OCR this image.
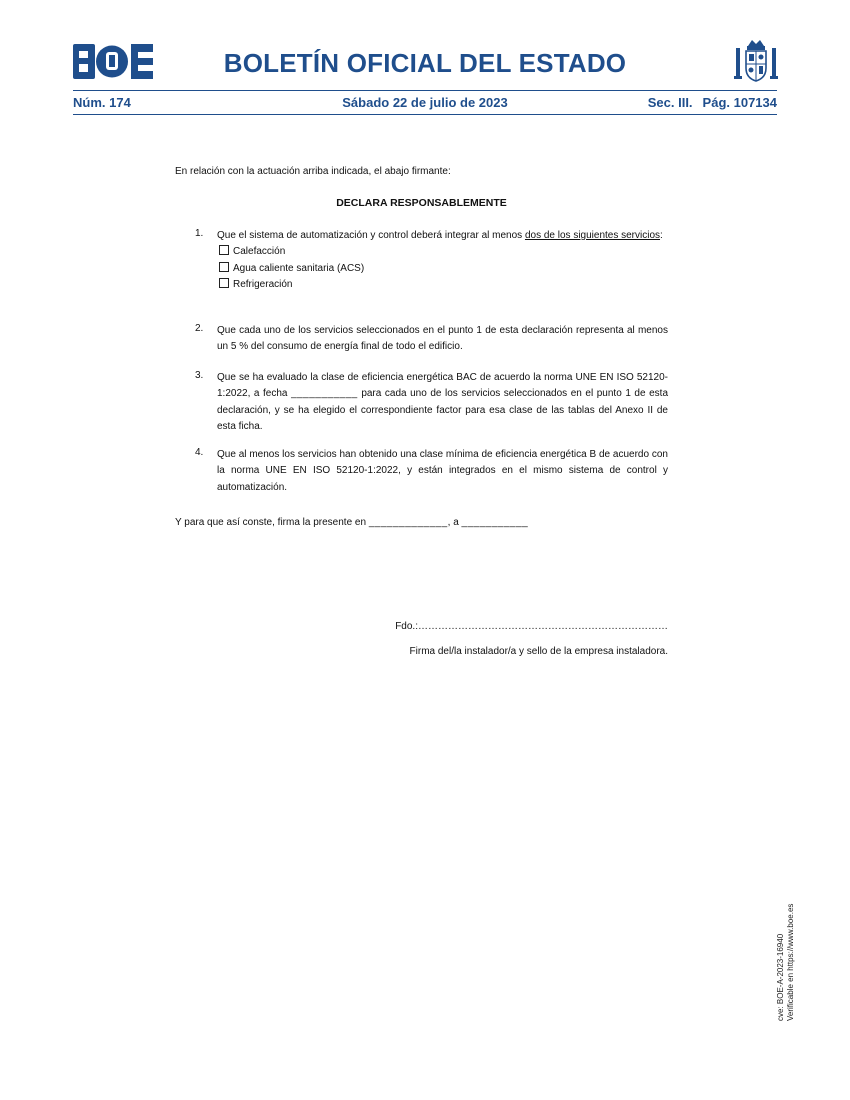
BOLETÍN OFICIAL DEL ESTADO
Núm. 174	Sábado 22 de julio de 2023	Sec. III. Pág. 107134
En relación con la actuación arriba indicada, el abajo firmante:
DECLARA RESPONSABLEMENTE
1.	Que el sistema de automatización y control deberá integrar al menos dos de los siguientes servicios:
Calefacción
Agua caliente sanitaria (ACS)
Refrigeración
2.	Que cada uno de los servicios seleccionados en el punto 1 de esta declaración representa al menos un 5 % del consumo de energía final de todo el edificio.
3.	Que se ha evaluado la clase de eficiencia energética BAC de acuerdo la norma UNE EN ISO 52120-1:2022, a fecha ___________ para cada uno de los servicios seleccionados en el punto 1 de esta declaración, y se ha elegido el correspondiente factor para esa clase de las tablas del Anexo II de esta ficha.
4.	Que al menos los servicios han obtenido una clase mínima de eficiencia energética B de acuerdo con la norma UNE EN ISO 52120-1:2022, y están integrados en el mismo sistema de control y automatización.
Y para que así conste, firma la presente en _____________, a ___________
Fdo.:…………………………………………………………………
Firma del/la instalador/a y sello de la empresa instaladora.
cve: BOE-A-2023-16940 Verificable en https://www.boe.es
